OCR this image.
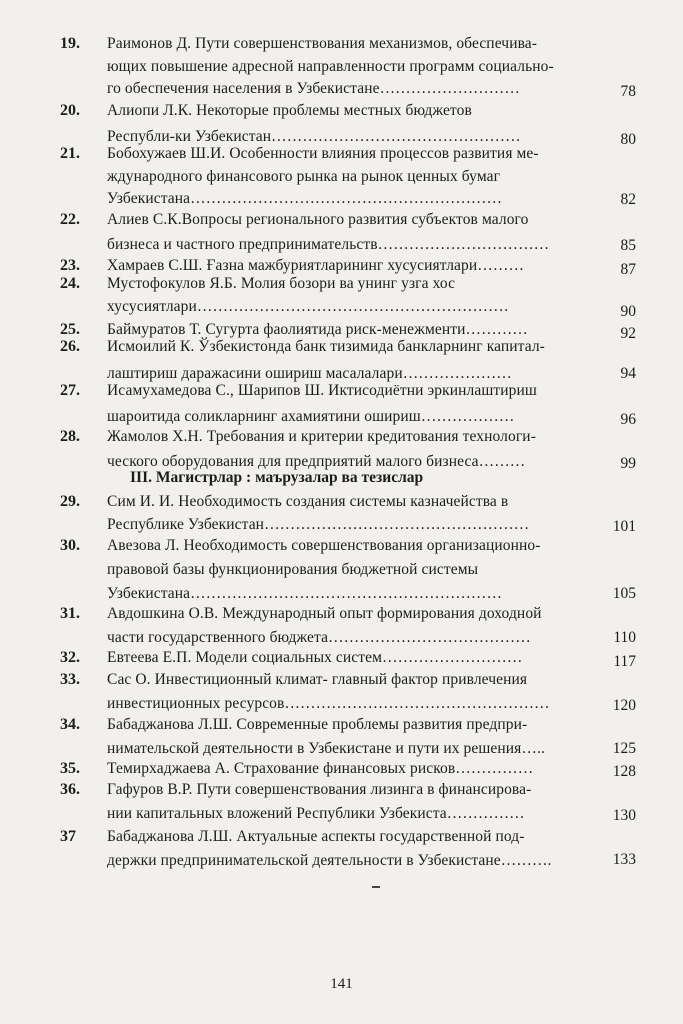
III. Магистрлар : маърузалар ва тезислар
141
19.	Раимонов Д. Пути совершенствования механизмов, обеспечива-
ющих повышение адресной направленности программ социально-
го обеспечения населения в Узбекистане………………………	78
20.	Алиопи Л.К. Некоторые проблемы местных бюджетов
Республи-ки Узбекистан…………………………………………	80
21.	Бобохужаев Ш.И. Особенности влияния процессов развития ме-
ждународного финансового рынка на рынок ценных бумаг
Узбекистана……………………………………………………	82
22.	Алиев С.К.Вопросы регионального развития субъектов малого
бизнеса и частного предпринимательств……………………………	85
23.	Хамраев С.Ш. Ғазна мажбуриятларининг хусусиятлари………	87
24.	Мустофокулов Я.Б. Молия бозори ва унинг узга хос
хусусиятлари……………………………………………………	90
25.	Баймуратов Т. Сугурта фаолиятида риск-менежменти…………	92
26.	Исмоилий К. Ўзбекистонда банк тизимида банкларнинг капитал-
лаштириш даражасини ошириш масалалари…………………	94
27.	Исамухамедова С., Шарипов Ш. Иктисодиётни эркинлаштириш
шароитида соликларнинг ахамиятини ошириш………………	96
28.	Жамолов Х.Н. Требования и критерии кредитования технологи-
ческого оборудования для предприятий малого бизнеса………	99
29.	Сим И. И. Необходимость создания системы казначейства в
Республике Узбекистан……………………………………………	101
30.	Авезова Л. Необходимость совершенствования организационно-
правовой базы функционирования бюджетной системы
Узбекистана……………………………………………………	105
31.	Авдошкина О.В. Международный опыт формирования доходной
части государственного бюджета…………………………………	110
32.	Евтеева Е.П. Модели социальных систем………………………	117
33.	Сас О. Инвестиционный климат- главный фактор привлечения
инвестиционных ресурсов……………………………………………	120
34.	Бабаджанова Л.Ш. Современные проблемы развития предпри-
нимательской деятельности в Узбекистане и пути их решения…..	125
35.	Темирхаджаева А. Страхование финансовых рисков……………	128
36.	Гафуров В.Р. Пути совершенствования лизинга в финансирова-
нии капитальных вложений Республики Узбекиста……………	130
37	Бабаджанова Л.Ш. Актуальные аспекты государственной под-
держки предпринимательской деятельности в Узбекистане……….	133
